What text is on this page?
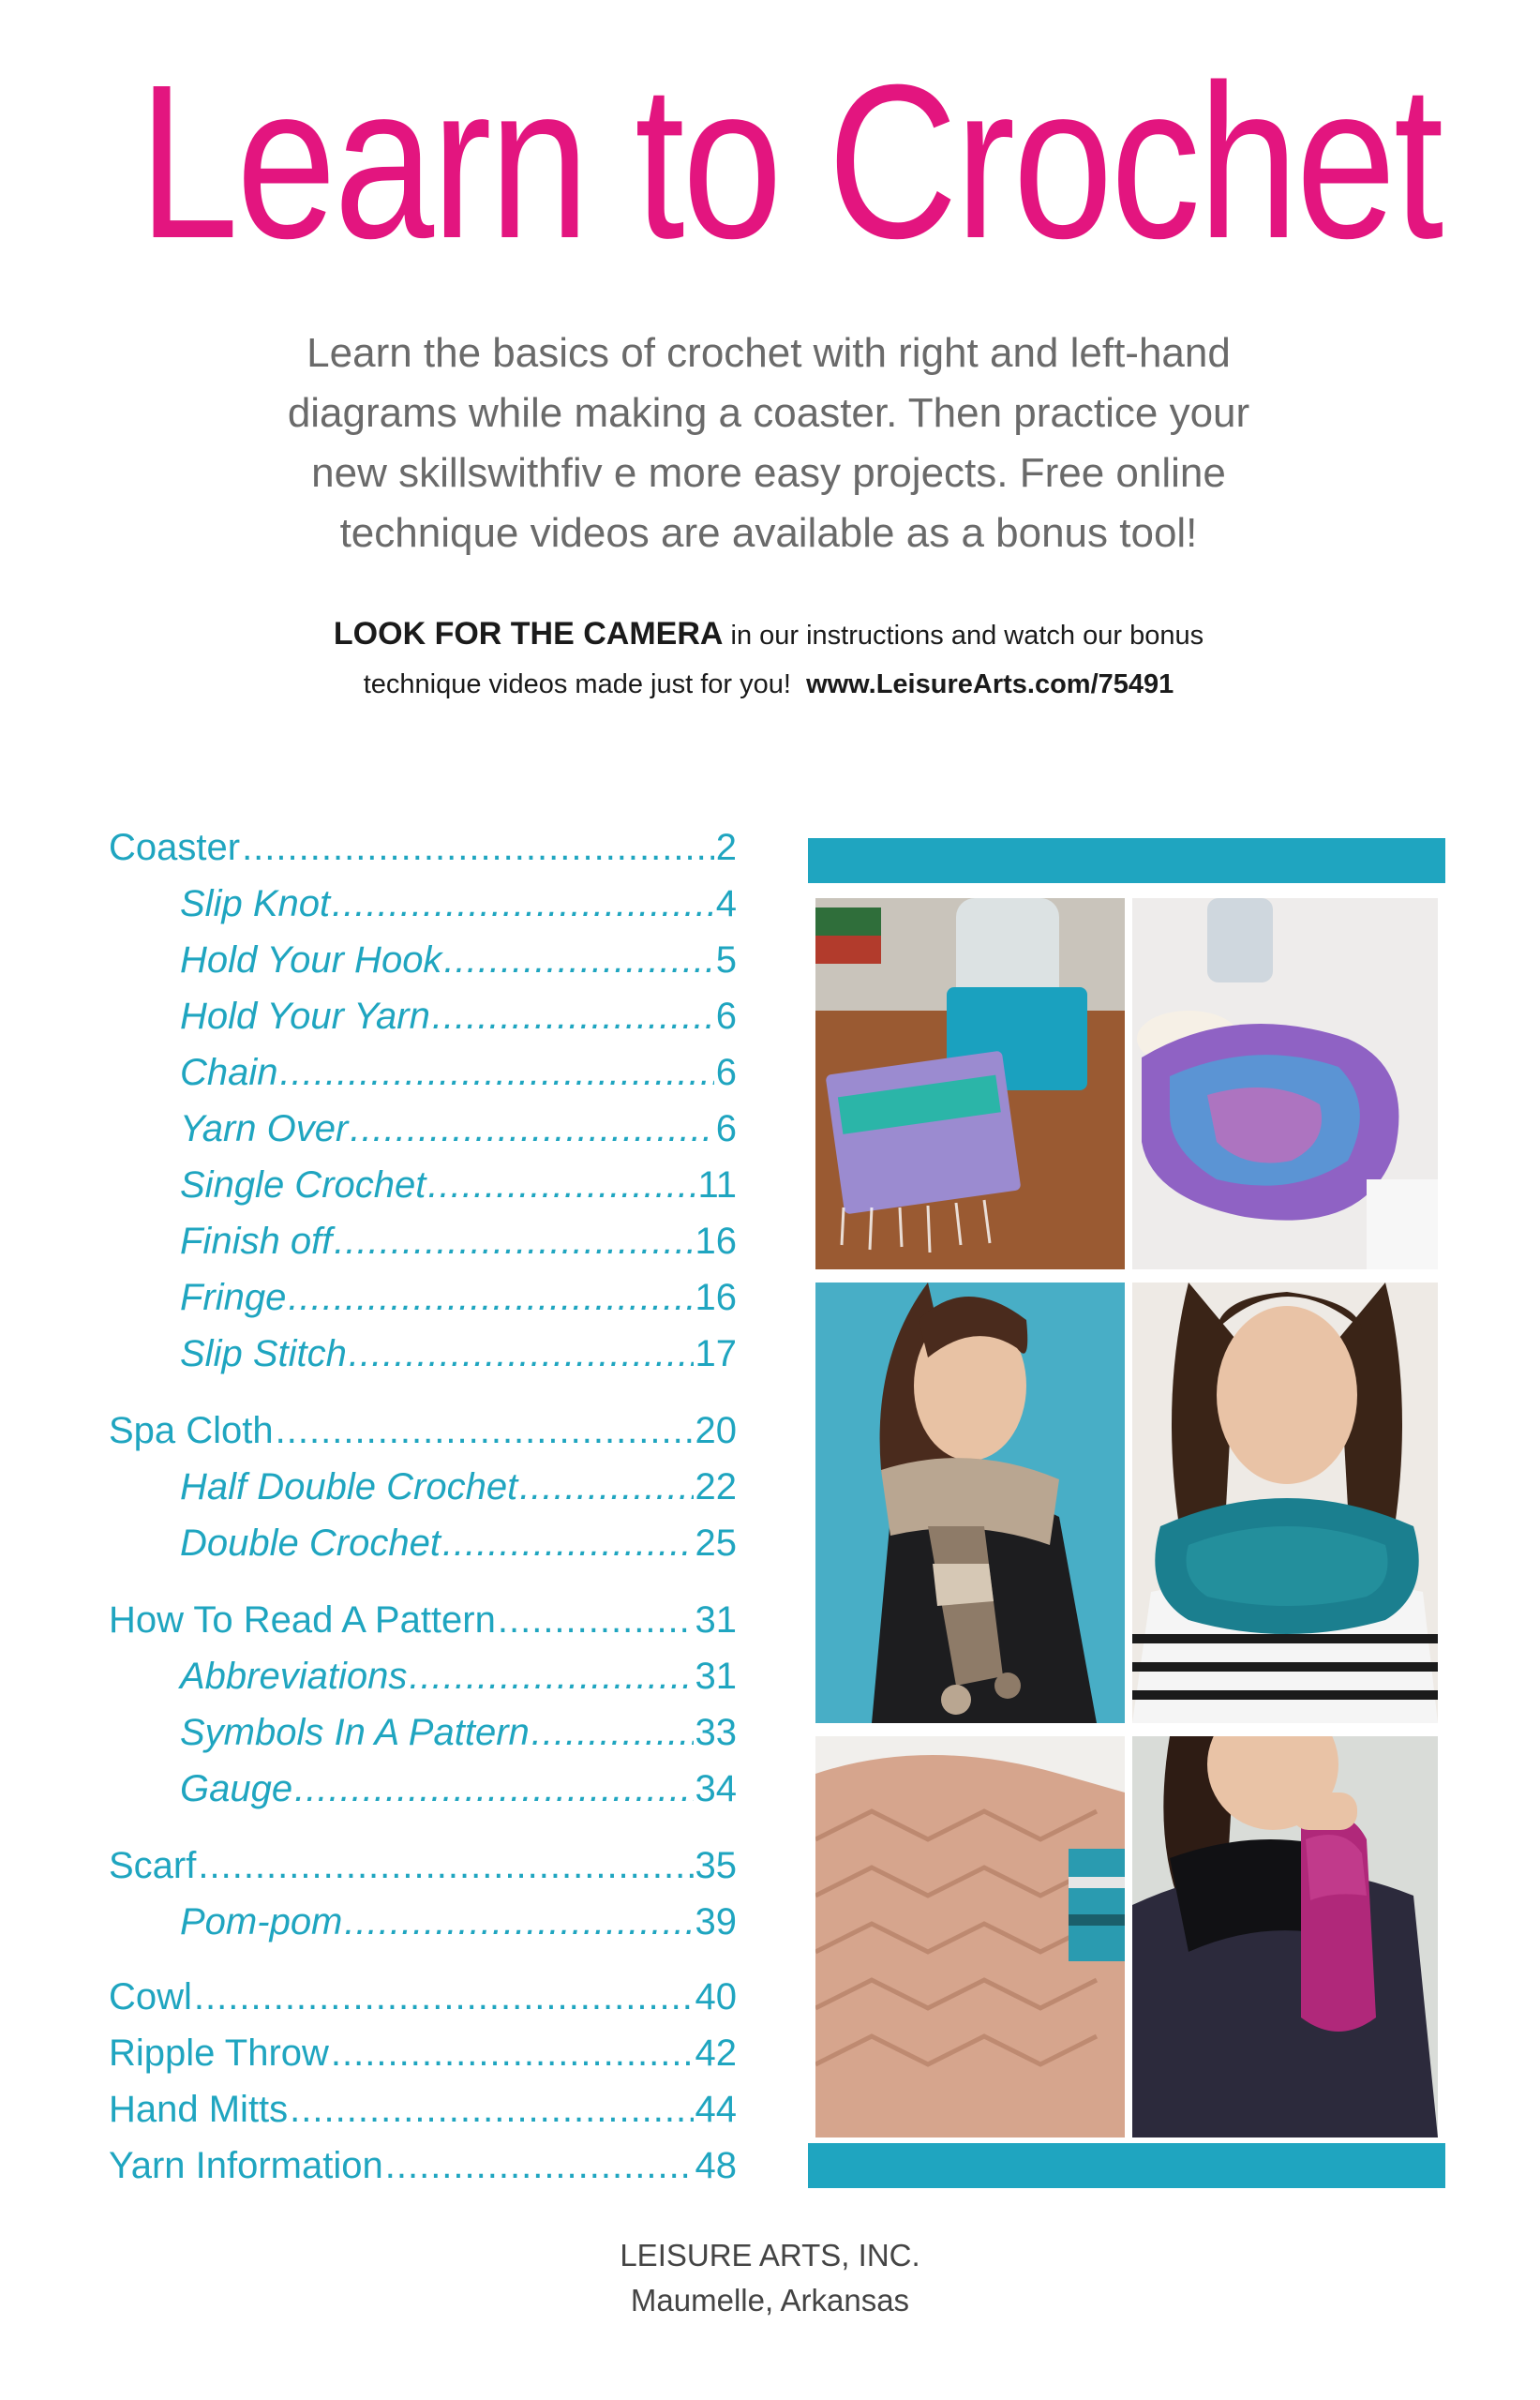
Learn to Crochet
Learn the basics of crochet with right and left-hand
diagrams while making a coaster. Then practice your
new skillswithfiv e more easy projects. Free online
technique videos are available as a bonus tool!
LOOK FOR THE CAMERA in our instructions and watch our bonus
technique videos made just for you! www.LeisureArts.com/75491
Coaster .....	2
Slip Knot .....	4
Hold Your Hook .....	5
Hold Your Yarn .....	6
Chain .....	6
Yarn Over .....	6
Single Crochet .....	11
Finish off .....	16
Fringe .....	16
Slip Stitch .....	17
Spa Cloth .....	20
Half Double Crochet .....	22
Double Crochet .....	25
How To Read A Pattern .....	31
Abbreviations .....	31
Symbols In A Pattern .....	33
Gauge .....	34
Scarf .....	35
Pom-pom .....	39
Cowl .....	40
Ripple Throw .....	42
Hand Mitts .....	44
Yarn Information .....	48
LEISURE ARTS, INC.
Maumelle, Arkansas
